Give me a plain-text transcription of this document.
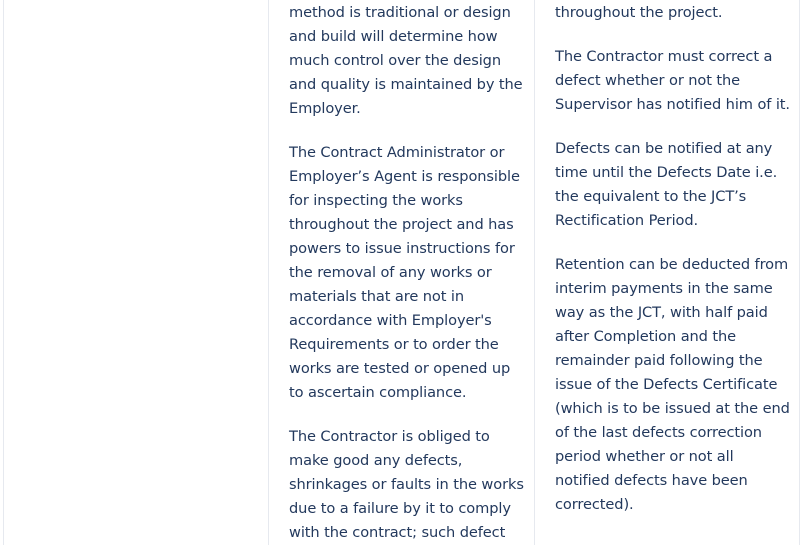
method is traditional or design
and build will determine how
much control over the design
and quality is maintained by the
Employer.

The Contract Administrator or
Employer’s Agent is responsible
for inspecting the works
throughout the project and has
powers to issue instructions for
the removal of any works or
materials that are not in
accordance with Employer's
Requirements or to order the
works are tested or opened up
to ascertain compliance.

The Contractor is obliged to
make good any defects,
shrinkages or faults in the works
due to a failure by it to comply
with the contract; such defect

throughout the project.

The Contractor must correct a
defect whether or not the
Supervisor has notified him of it.

Defects can be notified at any
time until the Defects Date i.e.
the equivalent to the JCT’s
Rectification Period.

Retention can be deducted from
interim payments in the same
way as the JCT, with half paid
after Completion and the
remainder paid following the
issue of the Defects Certificate
(which is to be issued at the end
of the last defects correction
period whether or not all
notified defects have been
corrected).
